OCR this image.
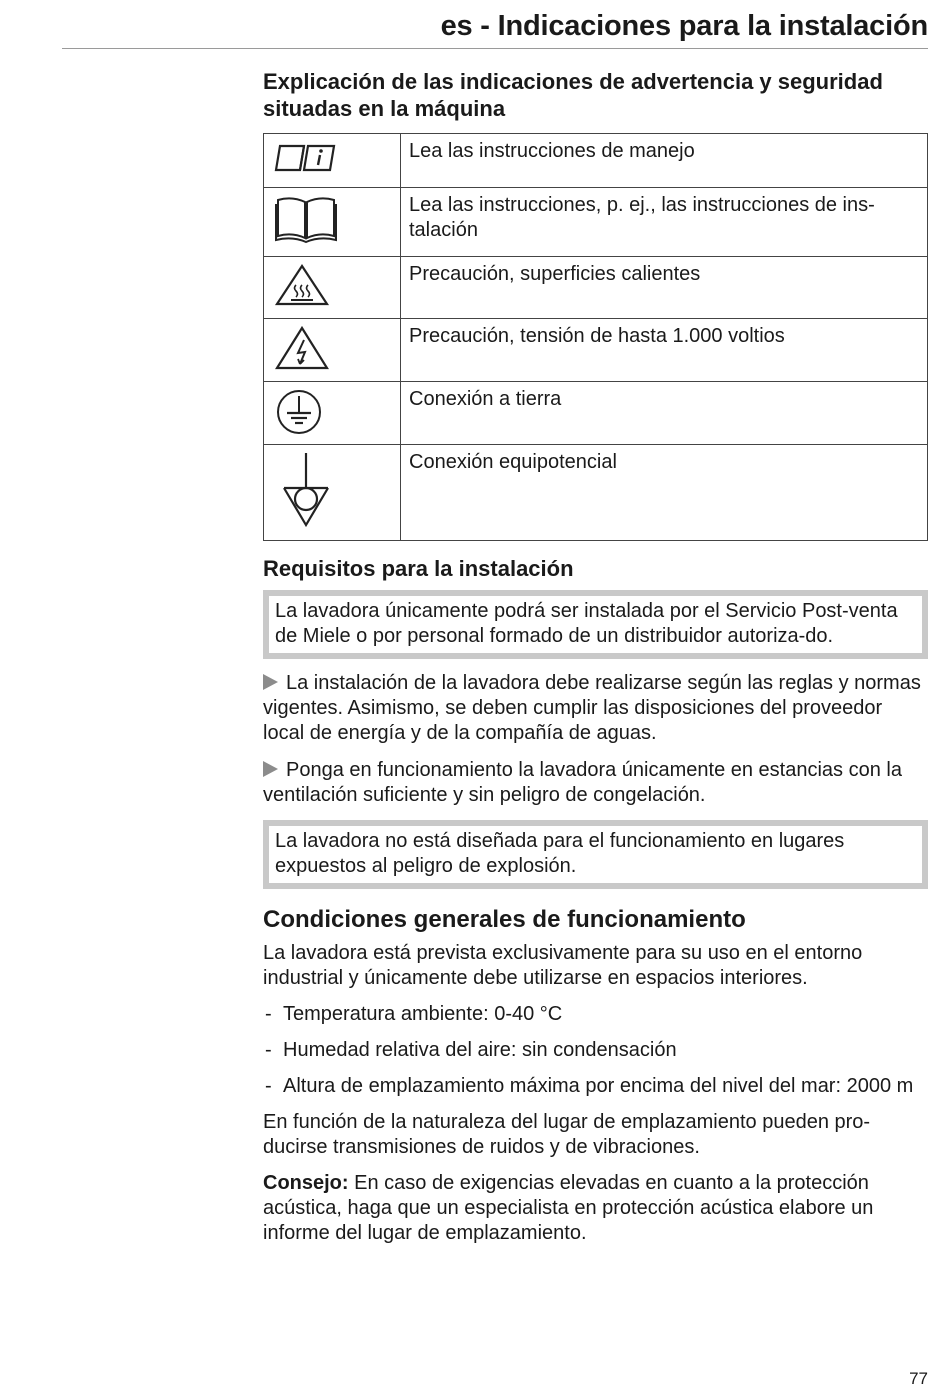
es - Indicaciones para la instalación
Explicación de las indicaciones de advertencia y seguridad situadas en la máquina
	Lea las instrucciones de manejo

	Lea las instrucciones, p. ej., las instrucciones de ins-talación

	Precaución, superficies calientes

	Precaución, tensión de hasta 1.000 voltios

	Conexión a tierra

	Conexión equipotencial
Requisitos para la instalación
La lavadora únicamente podrá ser instalada por el Servicio Post-venta de Miele o por personal formado de un distribuidor autoriza-do.

La instalación de la lavadora debe realizarse según las reglas y normas vigentes. Asimismo, se deben cumplir las disposiciones del proveedor local de energía y de la compañía de aguas.

Ponga en funcionamiento la lavadora únicamente en estancias con la ventilación suficiente y sin peligro de congelación.

La lavadora no está diseñada para el funcionamiento en lugares expuestos al peligro de explosión.
Condiciones generales de funcionamiento

La lavadora está prevista exclusivamente para su uso en el entorno industrial y únicamente debe utilizarse en espacios interiores.

- Temperatura ambiente: 0-40 °C
- Humedad relativa del aire: sin condensación
- Altura de emplazamiento máxima por encima del nivel del mar: 2000 m

En función de la naturaleza del lugar de emplazamiento pueden pro-ducirse transmisiones de ruidos y de vibraciones.

Consejo: En caso de exigencias elevadas en cuanto a la protección acústica, haga que un especialista en protección acústica elabore un informe del lugar de emplazamiento.

77
